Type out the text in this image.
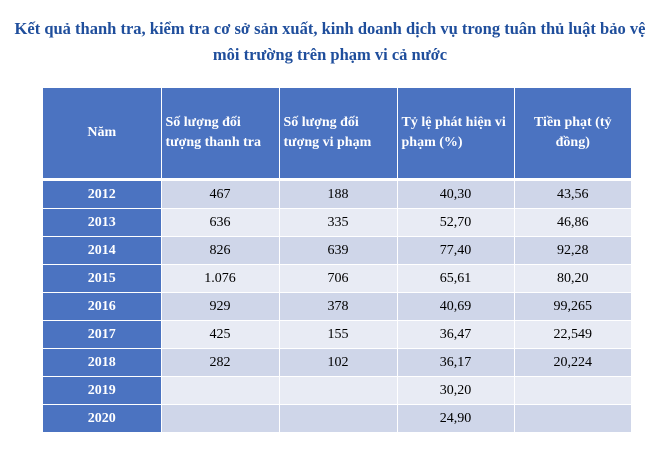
Kết quả thanh tra, kiểm tra cơ sở sản xuất, kinh doanh dịch vụ trong tuân thủ luật bảo vệ môi trường trên phạm vi cả nước
Năm	Số lượng đối tượng thanh tra	Số lượng đối tượng vi phạm	Tỷ lệ phát hiện vi phạm (%)	Tiền phạt (tỷ đồng)
2012	467	188	40,30	43,56
2013	636	335	52,70	46,86
2014	826	639	77,40	92,28
2015	1.076	706	65,61	80,20
2016	929	378	40,69	99,265
2017	425	155	36,47	22,549
2018	282	102	36,17	20,224
2019			30,20	
2020			24,90	
